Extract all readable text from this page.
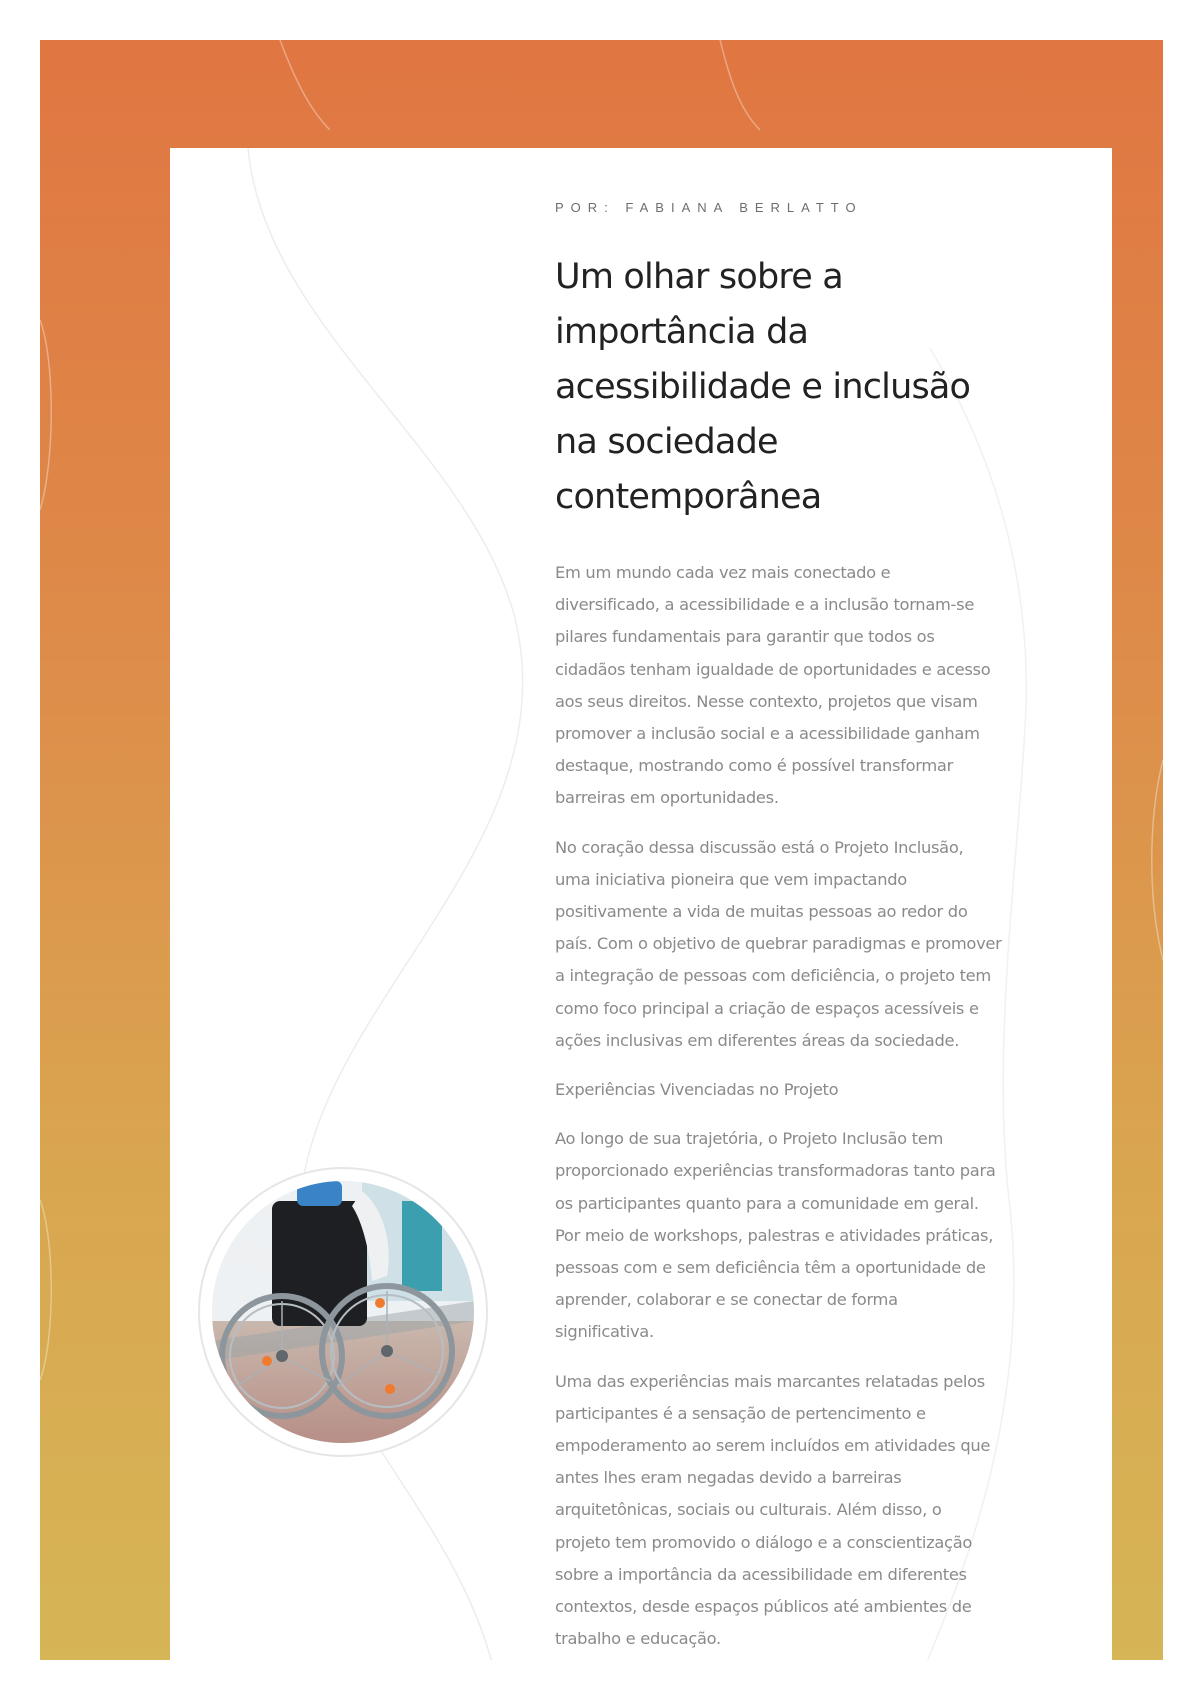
POR: FABIANA BERLATTO
Um olhar sobre a
importância da
acessibilidade e inclusão
na sociedade
contemporânea

Em um mundo cada vez mais conectado e
diversificado, a acessibilidade e a inclusão tornam-se
pilares fundamentais para garantir que todos os
cidadãos tenham igualdade de oportunidades e acesso
aos seus direitos. Nesse contexto, projetos que visam
promover a inclusão social e a acessibilidade ganham
destaque, mostrando como é possível transformar
barreiras em oportunidades.

No coração dessa discussão está o Projeto Inclusão,
uma iniciativa pioneira que vem impactando
positivamente a vida de muitas pessoas ao redor do
país. Com o objetivo de quebrar paradigmas e promover
a integração de pessoas com deficiência, o projeto tem
como foco principal a criação de espaços acessíveis e
ações inclusivas em diferentes áreas da sociedade.

Experiências Vivenciadas no Projeto

Ao longo de sua trajetória, o Projeto Inclusão tem
proporcionado experiências transformadoras tanto para
os participantes quanto para a comunidade em geral.
Por meio de workshops, palestras e atividades práticas,
pessoas com e sem deficiência têm a oportunidade de
aprender, colaborar e se conectar de forma
significativa.

Uma das experiências mais marcantes relatadas pelos
participantes é a sensação de pertencimento e
empoderamento ao serem incluídos em atividades que
antes lhes eram negadas devido a barreiras
arquitetônicas, sociais ou culturais. Além disso, o
projeto tem promovido o diálogo e a conscientização
sobre a importância da acessibilidade em diferentes
contextos, desde espaços públicos até ambientes de
trabalho e educação.
